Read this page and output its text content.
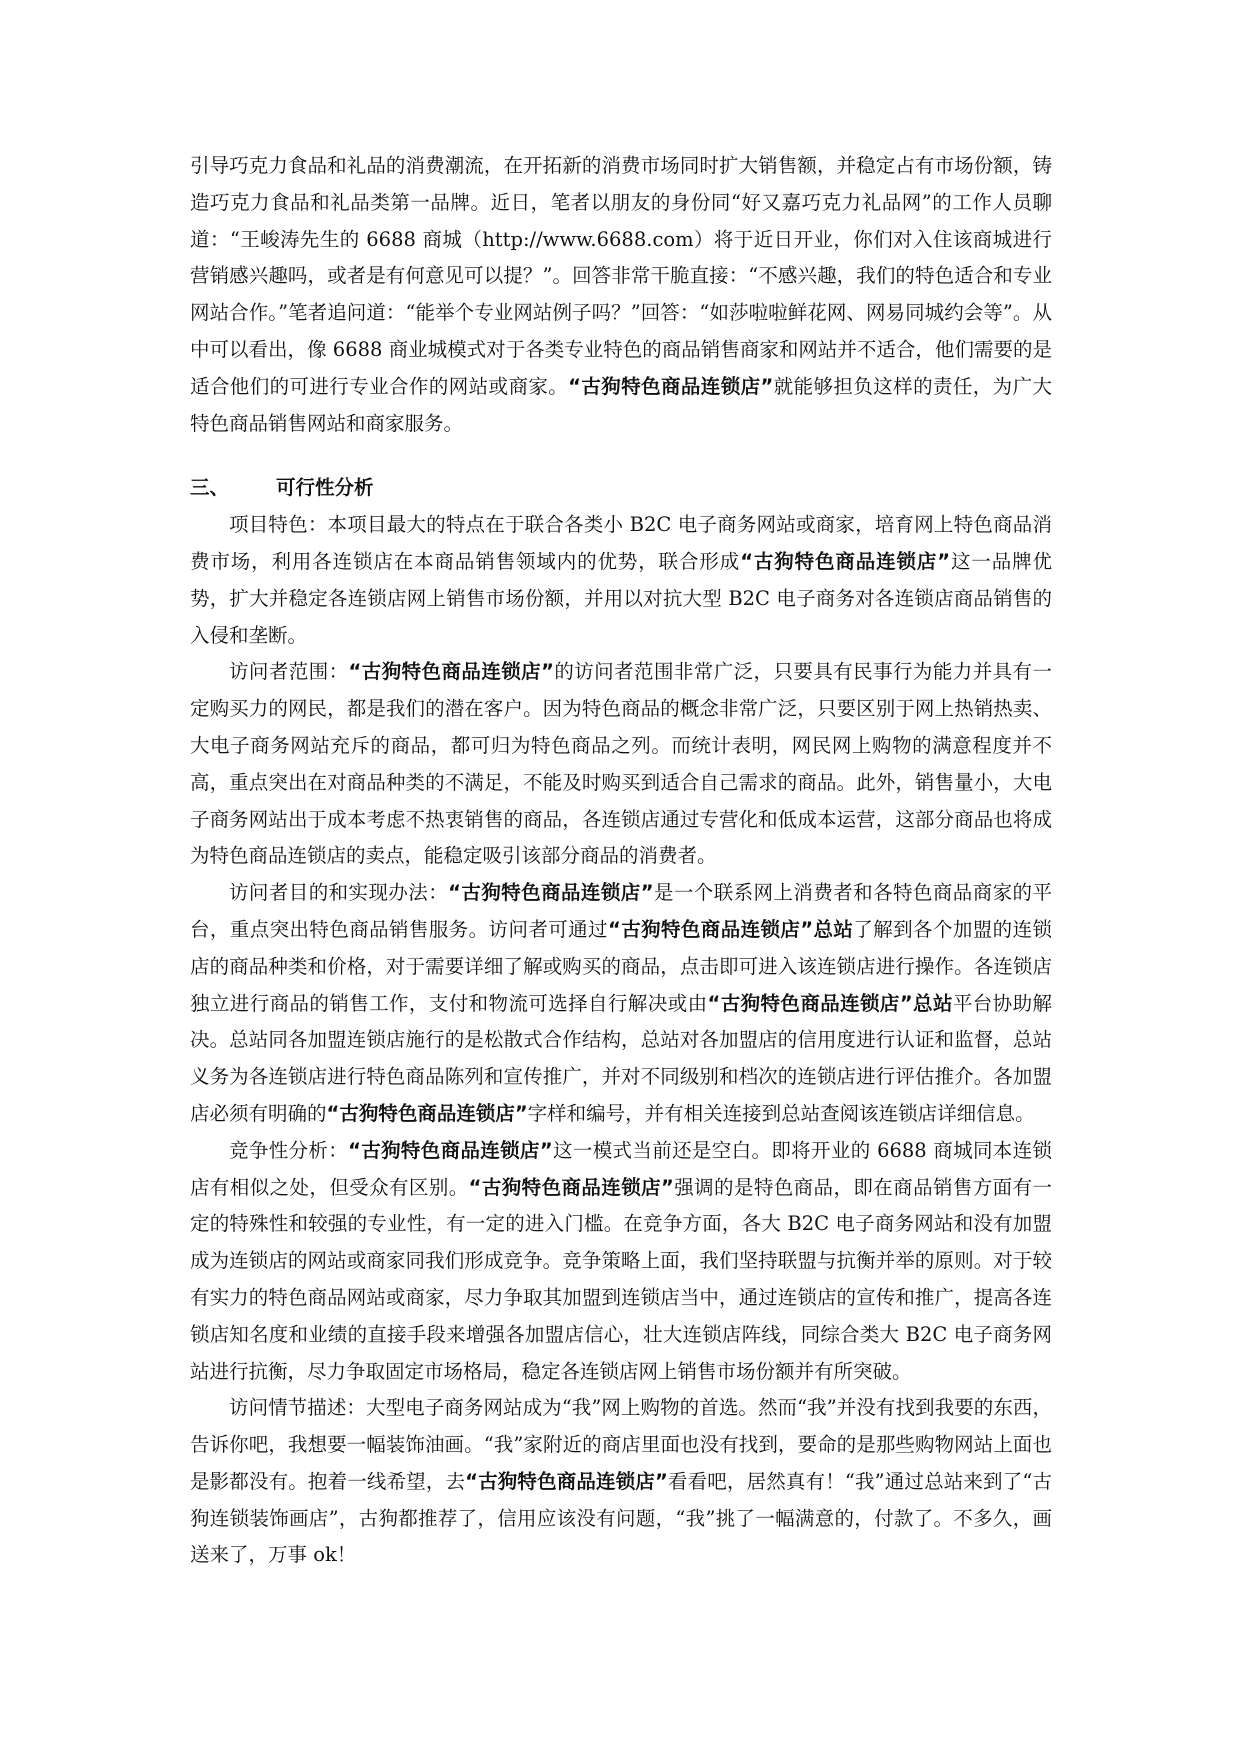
引导巧克力食品和礼品的消费潮流，在开拓新的消费市场同时扩大销售额，并稳定占有市场份额，铸造巧克力食品和礼品类第一品牌。近日，笔者以朋友的身份同“好又嘉巧克力礼品网”的工作人员聊道：“王峻涛先生的 6688 商城（http://www.6688.com）将于近日开业，你们对入住该商城进行营销感兴趣吗，或者是有何意见可以提？”。回答非常干脆直接：“不感兴趣，我们的特色适合和专业网站合作。”笔者追问道：“能举个专业网站例子吗？”回答：“如莎啦啦鲜花网、网易同城约会等”。从中可以看出，像 6688 商业城模式对于各类专业特色的商品销售商家和网站并不适合，他们需要的是适合他们的可进行专业合作的网站或商家。“古狗特色商品连锁店”就能够担负这样的责任，为广大特色商品销售网站和商家服务。

三、	可行性分析

项目特色：本项目最大的特点在于联合各类小 B2C 电子商务网站或商家，培育网上特色商品消费市场，利用各连锁店在本商品销售领域内的优势，联合形成“古狗特色商品连锁店”这一品牌优势，扩大并稳定各连锁店网上销售市场份额，并用以对抗大型 B2C 电子商务对各连锁店商品销售的入侵和垄断。

访问者范围：“古狗特色商品连锁店”的访问者范围非常广泛，只要具有民事行为能力并具有一定购买力的网民，都是我们的潜在客户。因为特色商品的概念非常广泛，只要区别于网上热销热卖、大电子商务网站充斥的商品，都可归为特色商品之列。而统计表明，网民网上购物的满意程度并不高，重点突出在对商品种类的不满足，不能及时购买到适合自己需求的商品。此外，销售量小，大电子商务网站出于成本考虑不热衷销售的商品，各连锁店通过专营化和低成本运营，这部分商品也将成为特色商品连锁店的卖点，能稳定吸引该部分商品的消费者。

访问者目的和实现办法：“古狗特色商品连锁店”是一个联系网上消费者和各特色商品商家的平台，重点突出特色商品销售服务。访问者可通过“古狗特色商品连锁店”总站了解到各个加盟的连锁店的商品种类和价格，对于需要详细了解或购买的商品，点击即可进入该连锁店进行操作。各连锁店独立进行商品的销售工作，支付和物流可选择自行解决或由“古狗特色商品连锁店”总站平台协助解决。总站同各加盟连锁店施行的是松散式合作结构，总站对各加盟店的信用度进行认证和监督，总站义务为各连锁店进行特色商品陈列和宣传推广，并对不同级别和档次的连锁店进行评估推介。各加盟店必须有明确的“古狗特色商品连锁店”字样和编号，并有相关连接到总站查阅该连锁店详细信息。

竞争性分析：“古狗特色商品连锁店”这一模式当前还是空白。即将开业的 6688 商城同本连锁店有相似之处，但受众有区别。“古狗特色商品连锁店”强调的是特色商品，即在商品销售方面有一定的特殊性和较强的专业性，有一定的进入门槛。在竞争方面，各大 B2C 电子商务网站和没有加盟成为连锁店的网站或商家同我们形成竞争。竞争策略上面，我们坚持联盟与抗衡并举的原则。对于较有实力的特色商品网站或商家，尽力争取其加盟到连锁店当中，通过连锁店的宣传和推广，提高各连锁店知名度和业绩的直接手段来增强各加盟店信心，壮大连锁店阵线，同综合类大 B2C 电子商务网站进行抗衡，尽力争取固定市场格局，稳定各连锁店网上销售市场份额并有所突破。

访问情节描述：大型电子商务网站成为“我”网上购物的首选。然而“我”并没有找到我要的东西，告诉你吧，我想要一幅装饰油画。“我”家附近的商店里面也没有找到，要命的是那些购物网站上面也是影都没有。抱着一线希望，去“古狗特色商品连锁店”看看吧，居然真有！“我”通过总站来到了“古狗连锁装饰画店”，古狗都推荐了，信用应该没有问题，“我”挑了一幅满意的，付款了。不多久，画送来了，万事 ok！
